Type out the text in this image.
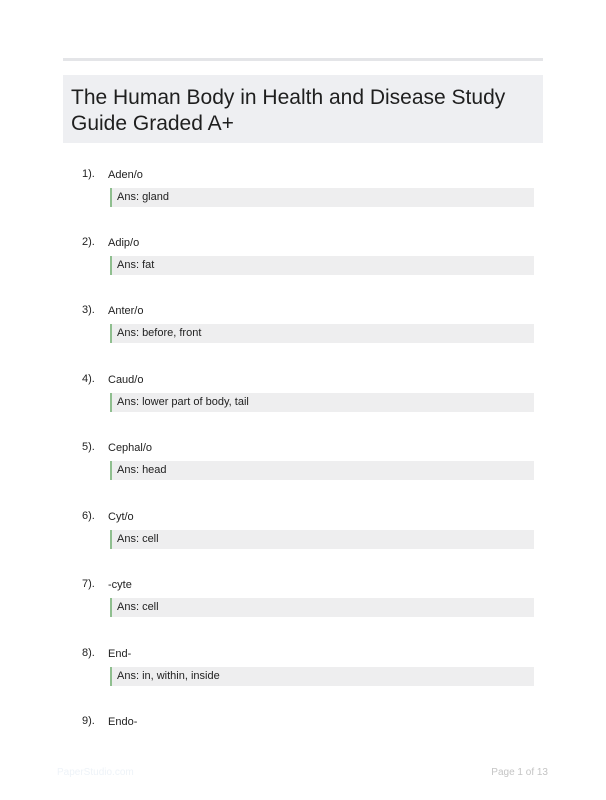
The Human Body in Health and Disease Study Guide Graded A+
1). Aden/o
Ans: gland
2). Adip/o
Ans: fat
3). Anter/o
Ans: before, front
4). Caud/o
Ans: lower part of body, tail
5). Cephal/o
Ans: head
6). Cyt/o
Ans: cell
7). -cyte
Ans: cell
8). End-
Ans: in, within, inside
9). Endo-
PaperStudio.com	Page 1 of 13
